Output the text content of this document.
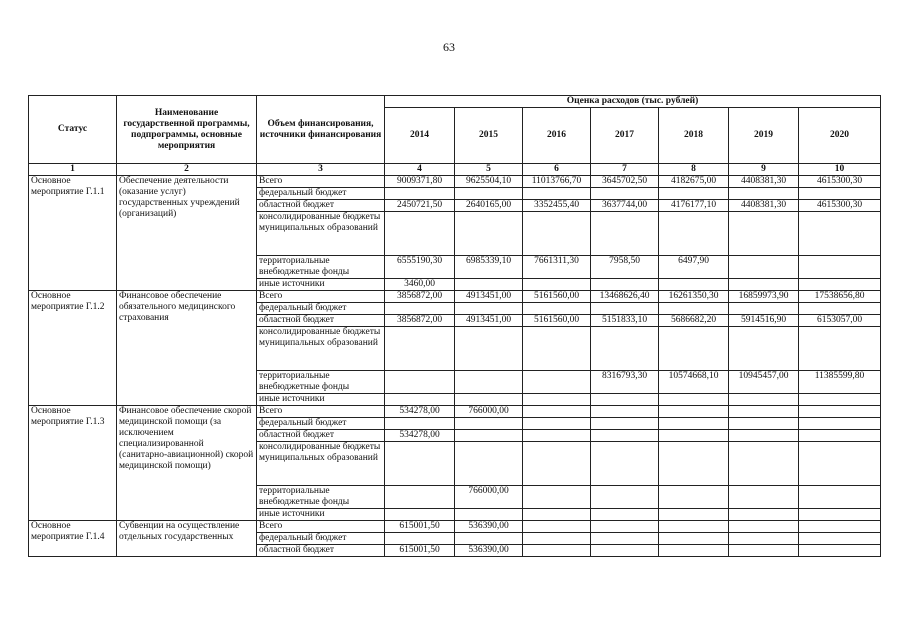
63
Статус	Наименование государственной программы, подпрограммы, основные мероприятия	Объем финансирования, источники финансирования	Оценка расходов (тыс. рублей)						
			2014	2015	2016	2017	2018	2019	2020
1	2	3	4	5	6	7	8	9	10
Основное мероприятие Г.1.1	Обеспечение деятельности (оказание услуг) государственных учреждений (организаций)	Всего	9009371,80	9625504,10	11013766,70	3645702,50	4182675,00	4408381,30	4615300,30
		федеральный бюджет							
		областной бюджет	2450721,50	2640165,00	3352455,40	3637744,00	4176177,10	4408381,30	4615300,30
		консолидированные бюджеты муниципальных образований							
		территориальные внебюджетные фонды	6555190,30	6985339,10	7661311,30	7958,50	6497,90		
		иные источники	3460,00						
Основное мероприятие Г.1.2	Финансовое обеспечение обязательного медицинского страхования	Всего	3856872,00	4913451,00	5161560,00	13468626,40	16261350,30	16859973,90	17538656,80
		федеральный бюджет							
		областной бюджет	3856872,00	4913451,00	5161560,00	5151833,10	5686682,20	5914516,90	6153057,00
		консолидированные бюджеты муниципальных образований							
		территориальные внебюджетные фонды				8316793,30	10574668,10	10945457,00	11385599,80
		иные источники							
Основное мероприятие Г.1.3	Финансовое обеспечение скорой медицинской помощи (за исключением специализированной (санитарно-авиационной) скорой медицинской помощи)	Всего	534278,00	766000,00					
		федеральный бюджет							
		областной бюджет	534278,00						
		консолидированные бюджеты муниципальных образований							
		территориальные внебюджетные фонды		766000,00					
		иные источники							
Основное мероприятие Г.1.4	Субвенции на осуществление отдельных государственных	Всего	615001,50	536390,00					
		федеральный бюджет							
		областной бюджет	615001,50	536390,00					
